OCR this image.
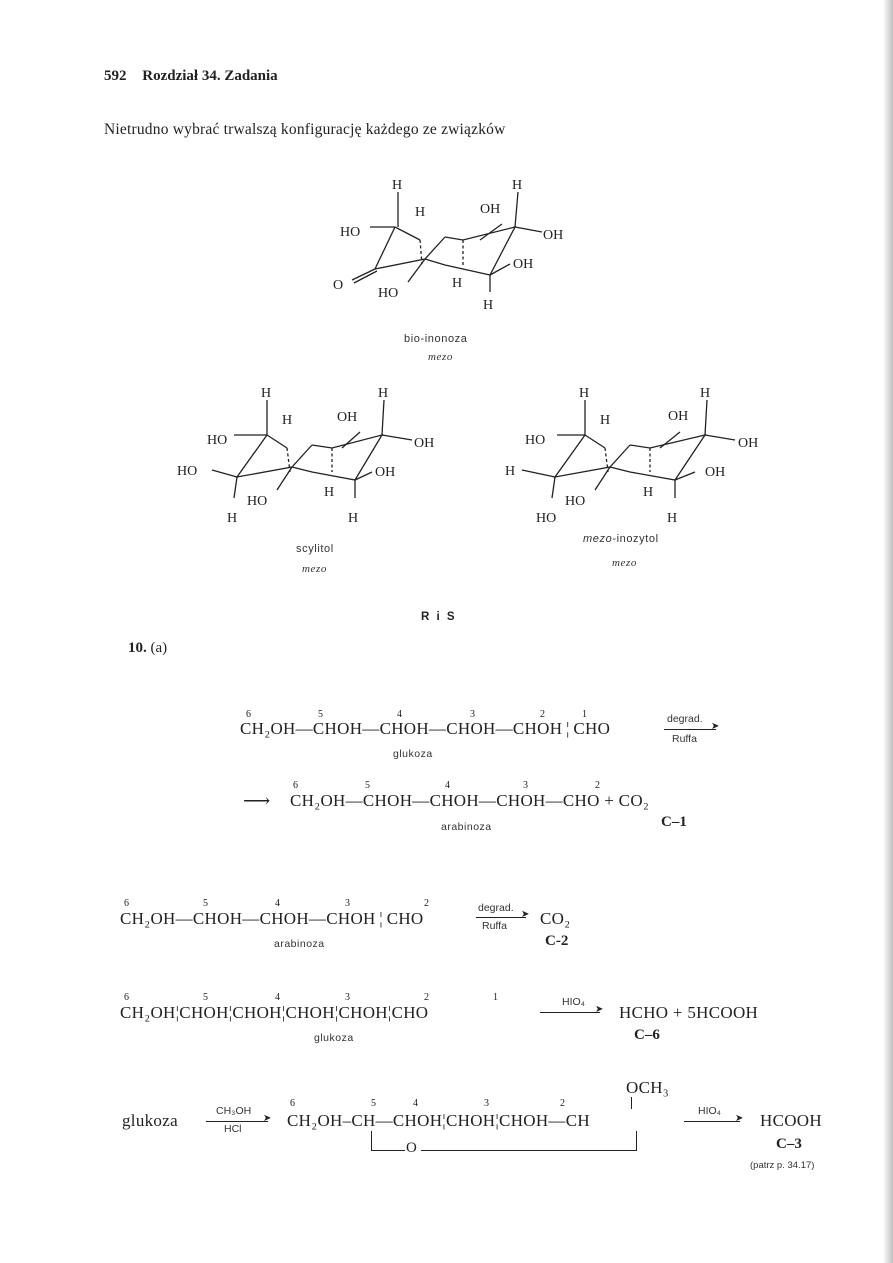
592 Rozdział 34. Zadania
Nietrudno wybrać trwalszą konfigurację każdego ze związków
H	H
H	OH
HO	OH
OH
O
HO
H
H
bio-inonoza
mezo
H	H
H	OH
HO	OH
HO	OH
HO
H
H	H
scylitol
mezo
H	H
H	OH
HO	OH
H	OH
HO
H
HO	H
mezo-inozytol
mezo
R i S
10. (a)
6	5	4	3	2	1
CH₂OH—CHOH—CHOH—CHOH—CHOH ¦ CHO
glukoza
degrad.
➤
Ruffa
⟶
6	5	4	3	2
CH₂OH—CHOH—CHOH—CHOH—CHO + CO₂
arabinoza	C–1
6	5	4	3	2
CH₂OH—CHOH—CHOH—CHOH ¦ CHO
arabinoza
degrad.
➤
Ruffa CO₂
C-2
6	5	4	3	2	1
CH₂OH¦CHOH¦CHOH¦CHOH¦CHOH¦CHO
glukoza
HIO₄
➤ HCHO + 5HCOOH
C–6
glukoza	CH₃OH
➤
HCl
6	5	4	3	2
OCH₃
CH₂OH–CH—CHOH¦CHOH¦CHOH—CH
O
HIO₄
➤ HCOOH
C–3
(patrz p. 34.17)
